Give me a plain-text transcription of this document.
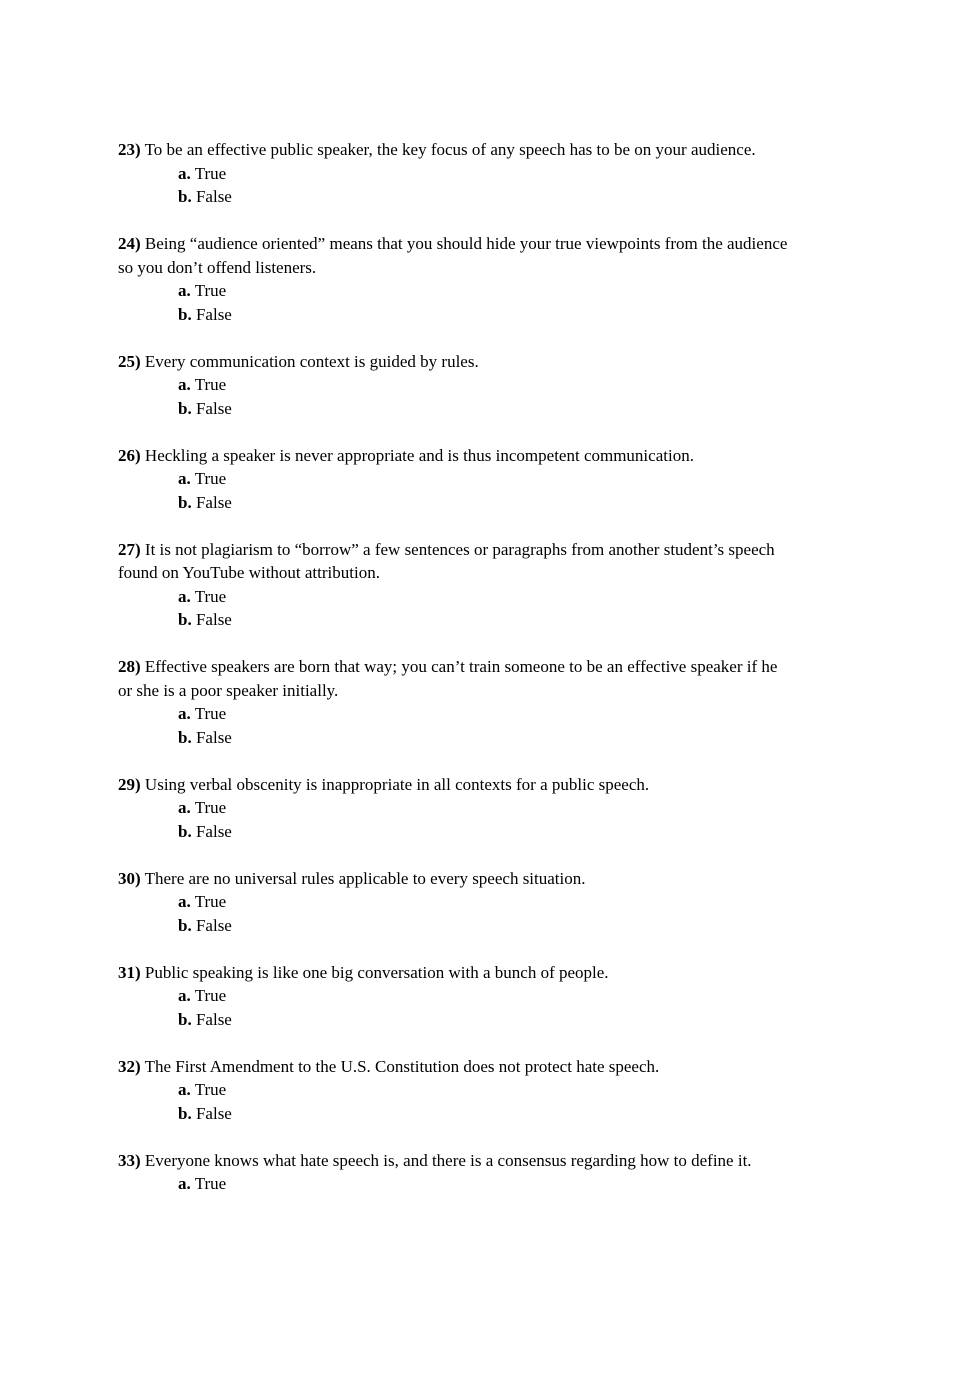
23) To be an effective public speaker, the key focus of any speech has to be on your audience.

a. True
b. False

24) Being “audience oriented” means that you should hide your true viewpoints from the audience so you don’t offend listeners.

a. True
b. False

25) Every communication context is guided by rules.

a. True
b. False

26) Heckling a speaker is never appropriate and is thus incompetent communication.

a. True
b. False

27) It is not plagiarism to “borrow” a few sentences or paragraphs from another student’s speech found on YouTube without attribution.

a. True
b. False

28) Effective speakers are born that way; you can’t train someone to be an effective speaker if he or she is a poor speaker initially.

a. True
b. False

29) Using verbal obscenity is inappropriate in all contexts for a public speech.

a. True
b. False

30) There are no universal rules applicable to every speech situation.

a. True
b. False

31) Public speaking is like one big conversation with a bunch of people.

a. True
b. False

32) The First Amendment to the U.S. Constitution does not protect hate speech.

a. True
b. False

33) Everyone knows what hate speech is, and there is a consensus regarding how to define it.

a. True
